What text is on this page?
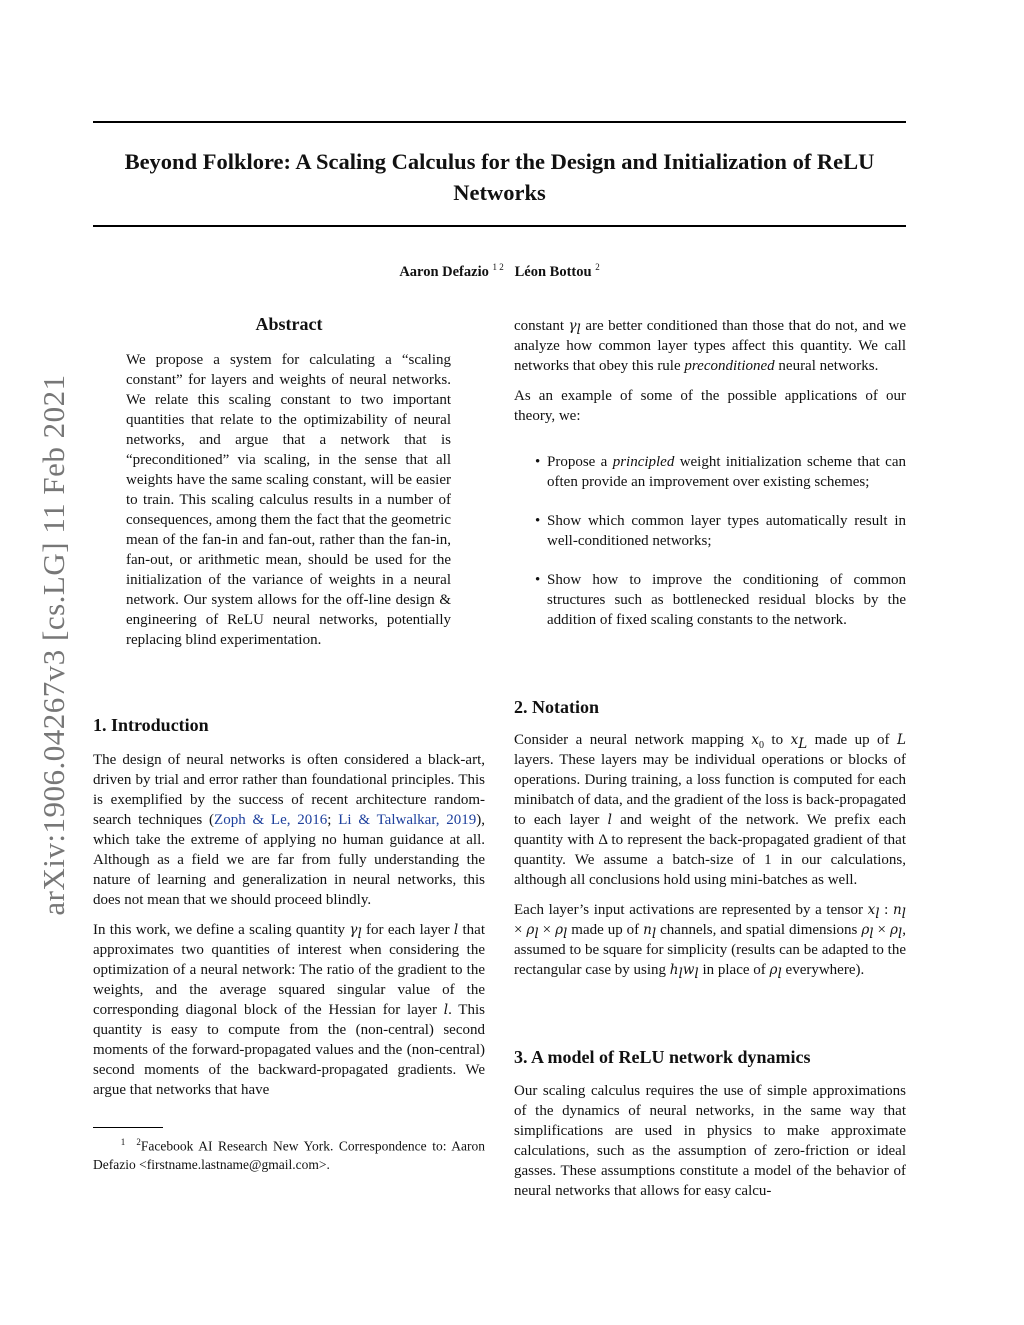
Beyond Folklore: A Scaling Calculus for the Design and Initialization of ReLU Networks
Aaron Defazio $^{1 2}$ Léon Bottou $^2$
arXiv:1906.04267v3 [cs.LG] 11 Feb 2021
Abstract
We propose a system for calculating a “scaling constant” for layers and weights of neural networks. We relate this scaling constant to two important quantities that relate to the optimizability of neural networks, and argue that a network that is “preconditioned” via scaling, in the sense that all weights have the same scaling constant, will be easier to train. This scaling calculus results in a number of consequences, among them the fact that the geometric mean of the fan-in and fan-out, rather than the fan-in, fan-out, or arithmetic mean, should be used for the initialization of the variance of weights in a neural network. Our system allows for the off-line design & engineering of ReLU neural networks, potentially replacing blind experimentation.
1. Introduction

The design of neural networks is often considered a black-art, driven by trial and error rather than foundational principles. This is exemplified by the success of recent architecture random-search techniques (Zoph & Le, 2016; Li & Talwalkar, 2019), which take the extreme of applying no human guidance at all. Although as a field we are far from fully understanding the nature of learning and generalization in neural networks, this does not mean that we should proceed blindly.

In this work, we define a scaling quantity $\gamma_l$ for each layer l that approximates two quantities of interest when considering the optimization of a neural network: The ratio of the gradient to the weights, and the average squared singular value of the corresponding diagonal block of the Hessian for layer l. This quantity is easy to compute from the (non-central) second moments of the forward-propagated values and the (non-central) second moments of the backward-propagated gradients. We argue that networks that have

$^1$ $^2$Facebook AI Research New York. Correspondence to: Aaron Defazio <firstname.lastname@gmail.com>.

constant $\gamma_l$ are better conditioned than those that do not, and we analyze how common layer types affect this quantity. We call networks that obey this rule preconditioned neural networks.

As an example of some of the possible applications of our theory, we:

• Propose a principled weight initialization scheme that can often provide an improvement over existing schemes;
• Show which common layer types automatically result in well-conditioned networks;
• Show how to improve the conditioning of common structures such as bottlenecked residual blocks by the addition of fixed scaling constants to the network.
2. Notation

Consider a neural network mapping $x_0$ to $x_L$ made up of L layers. These layers may be individual operations or blocks of operations. During training, a loss function is computed for each minibatch of data, and the gradient of the loss is back-propagated to each layer l and weight of the network. We prefix each quantity with Δ to represent the back-propagated gradient of that quantity. We assume a batch-size of 1 in our calculations, although all conclusions hold using mini-batches as well.

Each layer’s input activations are represented by a tensor $x_l$ : $n_l \times \rho_l \times \rho_l$ made up of $n_l$ channels, and spatial dimensions $\rho_l \times \rho_l$, assumed to be square for simplicity (results can be adapted to the rectangular case by using $h_lw_l$ in place of $\rho_l$ everywhere).

3. A model of ReLU network dynamics

Our scaling calculus requires the use of simple approximations of the dynamics of neural networks, in the same way that simplifications are used in physics to make approximate calculations, such as the assumption of zero-friction or ideal gasses. These assumptions constitute a model of the behavior of neural networks that allows for easy calcu-
